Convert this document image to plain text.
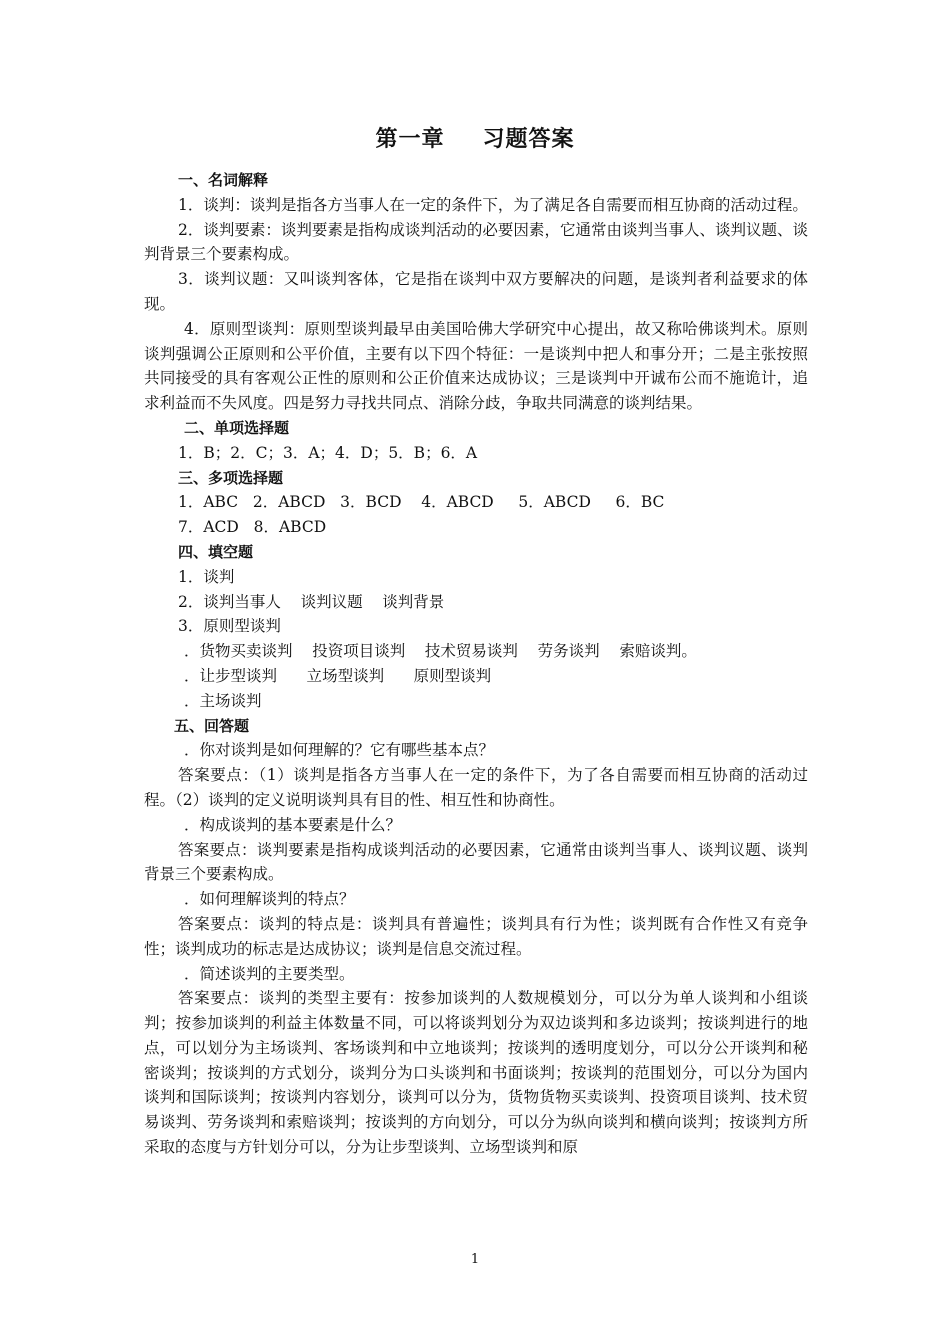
第一章 习题答案

一、名词解释

1．谈判：谈判是指各方当事人在一定的条件下，为了满足各自需要而相互协商的活动过程。

2．谈判要素：谈判要素是指构成谈判活动的必要因素，它通常由谈判当事人、谈判议题、谈判背景三个要素构成。

3．谈判议题：又叫谈判客体，它是指在谈判中双方要解决的问题，是谈判者利益要求的体现。

4．原则型谈判：原则型谈判最早由美国哈佛大学研究中心提出，故又称哈佛谈判术。原则谈判强调公正原则和公平价值，主要有以下四个特征：一是谈判中把人和事分开；二是主张按照共同接受的具有客观公正性的原则和公正价值来达成协议；三是谈判中开诚布公而不施诡计，追求利益而不失风度。四是努力寻找共同点、消除分歧，争取共同满意的谈判结果。

二、单项选择题

1．B；2．C；3．A；4．D；5．B；6．A

三、多项选择题

1．ABC   2．ABCD   3．BCD    4．ABCD     5．ABCD     6．BC

7．ACD   8．ABCD

四、填空题

1．谈判

2．谈判当事人    谈判议题    谈判背景

3．原则型谈判

．货物买卖谈判    投资项目谈判    技术贸易谈判    劳务谈判    索赔谈判。

．让步型谈判      立场型谈判      原则型谈判

．主场谈判

五、回答题

．你对谈判是如何理解的？它有哪些基本点？

答案要点：（1）谈判是指各方当事人在一定的条件下，为了各自需要而相互协商的活动过程。（2）谈判的定义说明谈判具有目的性、相互性和协商性。

．构成谈判的基本要素是什么？

答案要点：谈判要素是指构成谈判活动的必要因素，它通常由谈判当事人、谈判议题、谈判背景三个要素构成。

．如何理解谈判的特点？

答案要点：谈判的特点是：谈判具有普遍性；谈判具有行为性；谈判既有合作性又有竞争性；谈判成功的标志是达成协议；谈判是信息交流过程。

．简述谈判的主要类型。

答案要点：谈判的类型主要有：按参加谈判的人数规模划分，可以分为单人谈判和小组谈判；按参加谈判的利益主体数量不同，可以将谈判划分为双边谈判和多边谈判；按谈判进行的地点，可以划分为主场谈判、客场谈判和中立地谈判；按谈判的透明度划分，可以分公开谈判和秘密谈判；按谈判的方式划分，谈判分为口头谈判和书面谈判；按谈判的范围划分，可以分为国内谈判和国际谈判；按谈判内容划分，谈判可以分为，货物货物买卖谈判、投资项目谈判、技术贸易谈判、劳务谈判和索赔谈判；按谈判的方向划分，可以分为纵向谈判和横向谈判；按谈判方所采取的态度与方针划分可以，分为让步型谈判、立场型谈判和原

1
